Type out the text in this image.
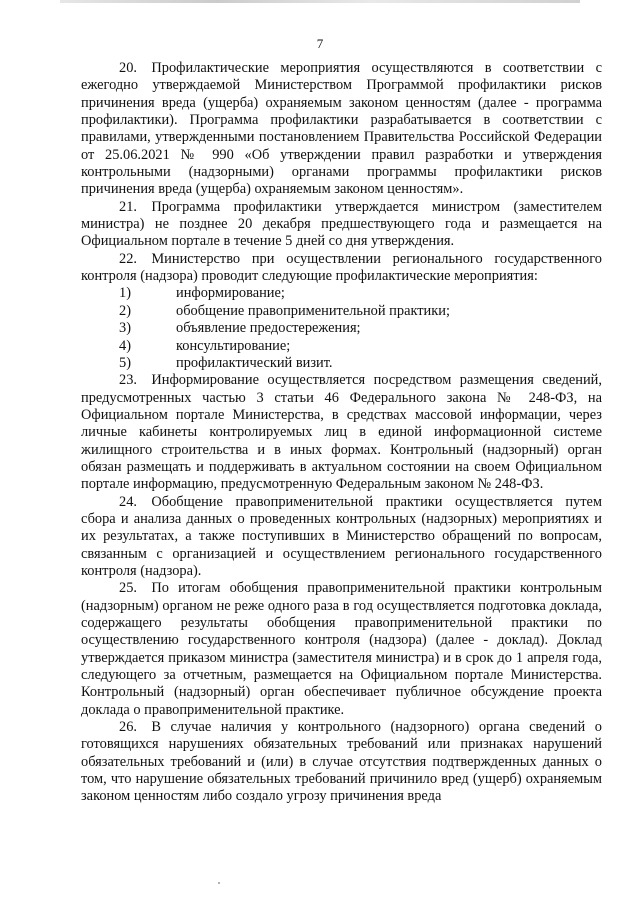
7

20. Профилактические мероприятия осуществляются в соответствии с ежегодно утверждаемой Министерством Программой профилактики рисков причинения вреда (ущерба) охраняемым законом ценностям (далее - программа профилактики). Программа профилактики разрабатывается в соответствии с правилами, утвержденными постановлением Правительства Российской Федерации от 25.06.2021 № 990 «Об утверждении правил разработки и утверждения контрольными (надзорными) органами программы профилактики рисков причинения вреда (ущерба) охраняемым законом ценностям».

21. Программа профилактики утверждается министром (заместителем министра) не позднее 20 декабря предшествующего года и размещается на Официальном портале в течение 5 дней со дня утверждения.

22. Министерство при осуществлении регионального государственного контроля (надзора) проводит следующие профилактические мероприятия:

1)	информирование;
2)	обобщение правоприменительной практики;
3)	объявление предостережения;
4)	консультирование;
5)	профилактический визит.

23. Информирование осуществляется посредством размещения сведений, предусмотренных частью 3 статьи 46 Федерального закона № 248-ФЗ, на Официальном портале Министерства, в средствах массовой информации, через личные кабинеты контролируемых лиц в единой информационной системе жилищного строительства и в иных формах. Контрольный (надзорный) орган обязан размещать и поддерживать в актуальном состоянии на своем Официальном портале информацию, предусмотренную Федеральным законом № 248-ФЗ.

24. Обобщение правоприменительной практики осуществляется путем сбора и анализа данных о проведенных контрольных (надзорных) мероприятиях и их результатах, а также поступивших в Министерство обращений по вопросам, связанным с организацией и осуществлением регионального государственного контроля (надзора).

25. По итогам обобщения правоприменительной практики контрольным (надзорным) органом не реже одного раза в год осуществляется подготовка доклада, содержащего результаты обобщения правоприменительной практики по осуществлению государственного контроля (надзора) (далее - доклад). Доклад утверждается приказом министра (заместителя министра) и в срок до 1 апреля года, следующего за отчетным, размещается на Официальном портале Министерства. Контрольный (надзорный) орган обеспечивает публичное обсуждение проекта доклада о правоприменительной практике.

26. В случае наличия у контрольного (надзорного) органа сведений о готовящихся нарушениях обязательных требований или признаках нарушений обязательных требований и (или) в случае отсутствия подтвержденных данных о том, что нарушение обязательных требований причинило вред (ущерб) охраняемым законом ценностям либо создало угрозу причинения вреда
